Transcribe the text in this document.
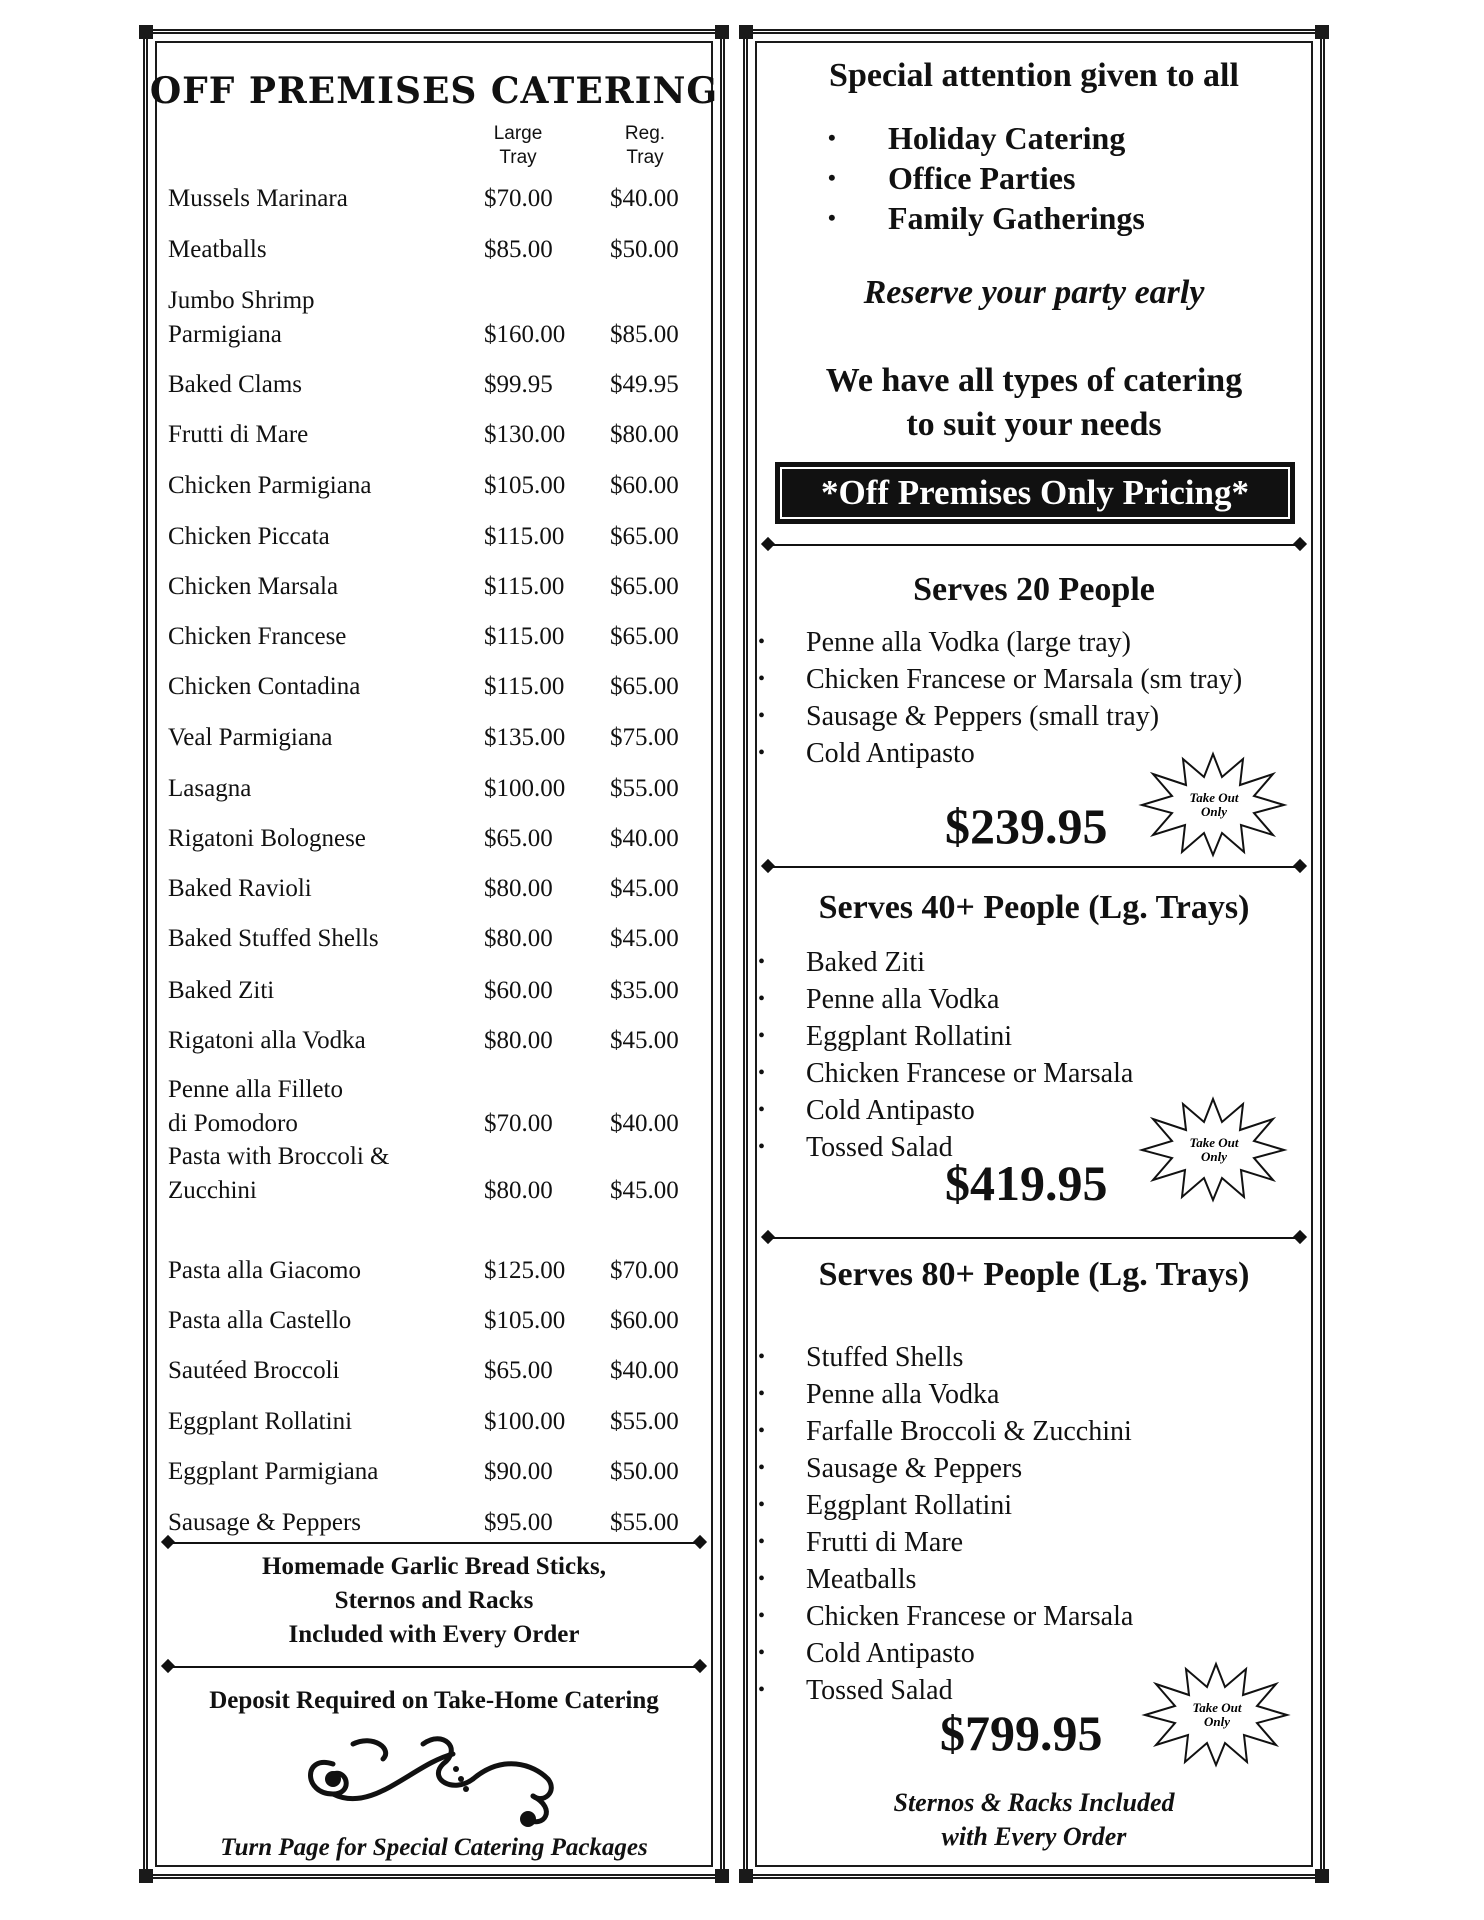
OFF PREMISES CATERING
Large
Tray
Reg.
Tray
Mussels Marinara	$70.00 $40.00
Meatballs	$85.00 $50.00
Jumbo Shrimp
Parmigiana	$160.00 $85.00
Baked Clams	$99.95 $49.95
Frutti di Mare	$130.00 $80.00
Chicken Parmigiana	$105.00 $60.00
Chicken Piccata	$115.00 $65.00
Chicken Marsala	$115.00 $65.00
Chicken Francese	$115.00 $65.00
Chicken Contadina	$115.00 $65.00
Veal Parmigiana	$135.00 $75.00
Lasagna	$100.00 $55.00
Rigatoni Bolognese	$65.00 $40.00
Baked Ravioli	$80.00 $45.00
Baked Stuffed Shells	$80.00 $45.00
Baked Ziti	$60.00 $35.00
Rigatoni alla Vodka	$80.00 $45.00
Penne alla Filleto
di Pomodoro	$70.00 $40.00
Pasta with Broccoli &
Zucchini	$80.00 $45.00
Pasta alla Giacomo	$125.00 $70.00
Pasta alla Castello	$105.00 $60.00
Sautéed Broccoli	$65.00 $40.00
Eggplant Rollatini	$100.00 $55.00
Eggplant Parmigiana	$90.00 $50.00
Sausage & Peppers	$95.00 $55.00
Homemade Garlic Bread Sticks,
Sternos and Racks
Included with Every Order
Deposit Required on Take-Home Catering
Turn Page for Special Catering Packages
Special attention given to all
• Holiday Catering
• Office Parties
• Family Gatherings
Reserve your party early
We have all types of catering
to suit your needs
*Off Premises Only Pricing*
Serves 20 People
• Penne alla Vodka (large tray)
• Chicken Francese or Marsala (sm tray)
• Sausage & Peppers (small tray)
• Cold Antipasto
$239.95
Take Out
Only
Serves 40+ People (Lg. Trays)
• Baked Ziti
• Penne alla Vodka
• Eggplant Rollatini
• Chicken Francese or Marsala
• Cold Antipasto
• Tossed Salad
$419.95
Take Out
Only
Serves 80+ People (Lg. Trays)
• Stuffed Shells
• Penne alla Vodka
• Farfalle Broccoli & Zucchini
• Sausage & Peppers
• Eggplant Rollatini
• Frutti di Mare
• Meatballs
• Chicken Francese or Marsala
• Cold Antipasto
• Tossed Salad
$799.95	Take Out
Only
Sternos & Racks Included
with Every Order
